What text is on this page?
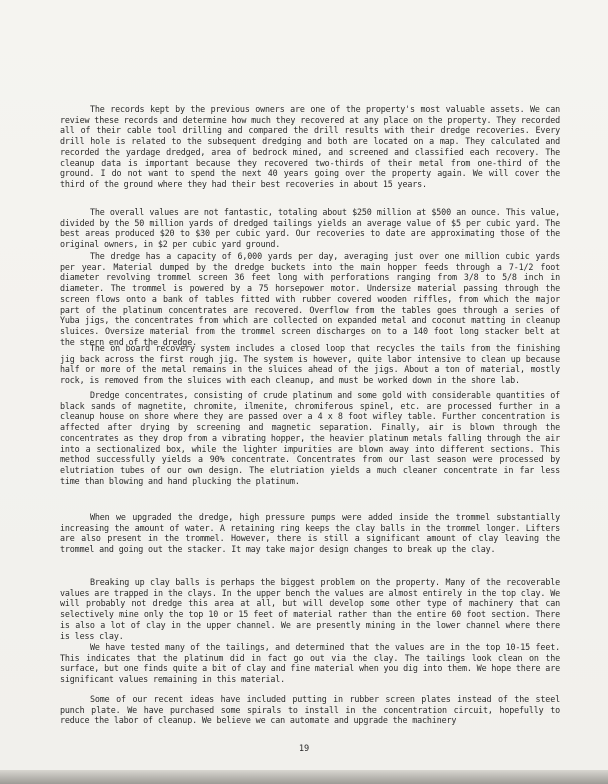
The records kept by the previous owners are one of the property's most valuable assets. We can review these records and determine how much they recovered at any place on the property. They recorded all of their cable tool drilling and compared the drill results with their dredge recoveries. Every drill hole is related to the subsequent dredging and both are located on a map. They calculated and recorded the yardage dredged, area of bedrock mined, and screened and classified each recovery. The cleanup data is important because they recovered two-thirds of their metal from one-third of the ground. I do not want to spend the next 40 years going over the property again. We will cover the third of the ground where they had their best recoveries in about 15 years.

The overall values are not fantastic, totaling about $250 million at $500 an ounce. This value, divided by the 50 million yards of dredged tailings yields an average value of $5 per cubic yard. The best areas produced $20 to $30 per cubic yard. Our recoveries to date are approximating those of the original owners, in $2 per cubic yard ground.

The dredge has a capacity of 6,000 yards per day, averaging just over one million cubic yards per year. Material dumped by the dredge buckets into the main hopper feeds through a 7-1/2 foot diameter revolving trommel screen 36 feet long with perforations ranging from 3/8 to 5/8 inch in diameter. The trommel is powered by a 75 horsepower motor. Undersize material passing through the screen flows onto a bank of tables fitted with rubber covered wooden riffles, from which the major part of the platinum concentrates are recovered. Overflow from the tables goes through a series of Yuba jigs, the concentrates from which are collected on expanded metal and coconut matting in cleanup sluices. Oversize material from the trommel screen discharges on to a 140 foot long stacker belt at the stern end of the dredge.

The on board recovery system includes a closed loop that recycles the tails from the finishing jig back across the first rough jig. The system is however, quite labor intensive to clean up because half or more of the metal remains in the sluices ahead of the jigs. About a ton of material, mostly rock, is removed from the sluices with each cleanup, and must be worked down in the shore lab.

Dredge concentrates, consisting of crude platinum and some gold with considerable quantities of black sands of magnetite, chromite, ilmenite, chromiferous spinel, etc. are processed further in a cleanup house on shore where they are passed over a 4 x 8 foot wifley table. Further concentration is affected after drying by screening and magnetic separation. Finally, air is blown through the concentrates as they drop from a vibrating hopper, the heavier platinum metals falling through the air into a sectionalized box, while the lighter impurities are blown away into different sections. This method successfully yields a 90% concentrate. Concentrates from our last season were processed by elutriation tubes of our own design. The elutriation yields a much cleaner concentrate in far less time than blowing and hand plucking the platinum.

When we upgraded the dredge, high pressure pumps were added inside the trommel substantially increasing the amount of water. A retaining ring keeps the clay balls in the trommel longer. Lifters are also present in the trommel. However, there is still a significant amount of clay leaving the trommel and going out the stacker. It may take major design changes to break up the clay.

Breaking up clay balls is perhaps the biggest problem on the property. Many of the recoverable values are trapped in the clays. In the upper bench the values are almost entirely in the top clay. We will probably not dredge this area at all, but will develop some other type of machinery that can selectively mine only the top 10 or 15 feet of material rather than the entire 60 foot section. There is also a lot of clay in the upper channel. We are presently mining in the lower channel where there is less clay.

We have tested many of the tailings, and determined that the values are in the top 10-15 feet. This indicates that the platinum did in fact go out via the clay. The tailings look clean on the surface, but one finds quite a bit of clay and fine material when you dig into them. We hope there are significant values remaining in this material.

Some of our recent ideas have included putting in rubber screen plates instead of the steel punch plate. We have purchased some spirals to install in the concentration circuit, hopefully to reduce the labor of cleanup. We believe we can automate and upgrade the machinery

19
